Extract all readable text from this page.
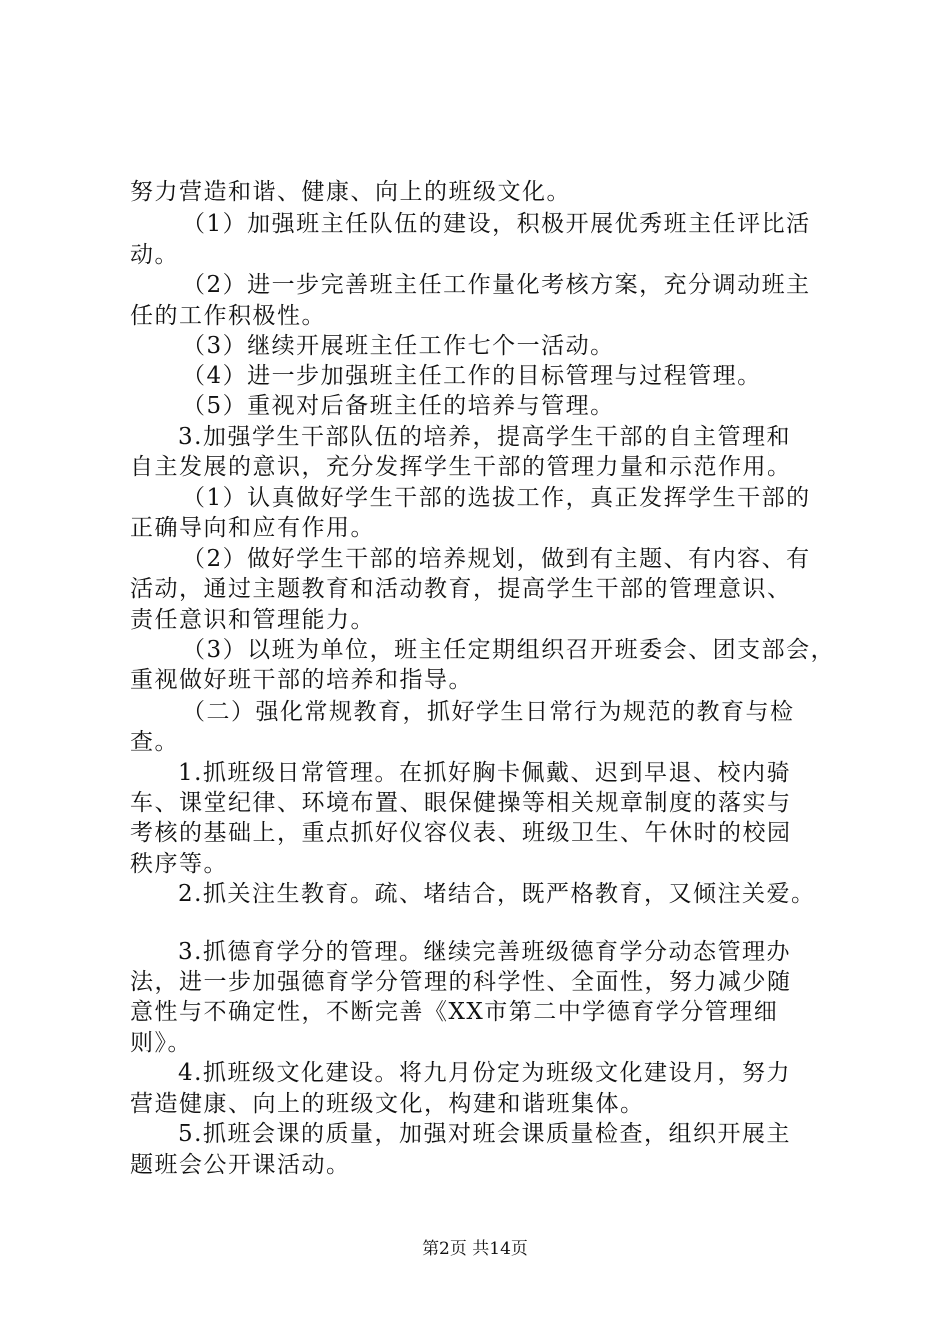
努力营造和谐、健康、向上的班级文化。
（1）加强班主任队伍的建设，积极开展优秀班主任评比活
动。
（2）进一步完善班主任工作量化考核方案，充分调动班主
任的工作积极性。
（3）继续开展班主任工作七个一活动。
（4）进一步加强班主任工作的目标管理与过程管理。
（5）重视对后备班主任的培养与管理。
3.加强学生干部队伍的培养，提高学生干部的自主管理和
自主发展的意识，充分发挥学生干部的管理力量和示范作用。
（1）认真做好学生干部的选拔工作，真正发挥学生干部的
正确导向和应有作用。
（2）做好学生干部的培养规划，做到有主题、有内容、有
活动，通过主题教育和活动教育，提高学生干部的管理意识、
责任意识和管理能力。
（3）以班为单位，班主任定期组织召开班委会、团支部会，
重视做好班干部的培养和指导。
（二）强化常规教育，抓好学生日常行为规范的教育与检
查。
1.抓班级日常管理。在抓好胸卡佩戴、迟到早退、校内骑
车、课堂纪律、环境布置、眼保健操等相关规章制度的落实与
考核的基础上，重点抓好仪容仪表、班级卫生、午休时的校园
秩序等。
2.抓关注生教育。疏、堵结合，既严格教育，又倾注关爱。
3.抓德育学分的管理。继续完善班级德育学分动态管理办
法，进一步加强德育学分管理的科学性、全面性，努力减少随
意性与不确定性，不断完善《XX市第二中学德育学分管理细
则》。
4.抓班级文化建设。将九月份定为班级文化建设月，努力
营造健康、向上的班级文化，构建和谐班集体。
5.抓班会课的质量，加强对班会课质量检查，组织开展主
题班会公开课活动。
第2页 共14页
